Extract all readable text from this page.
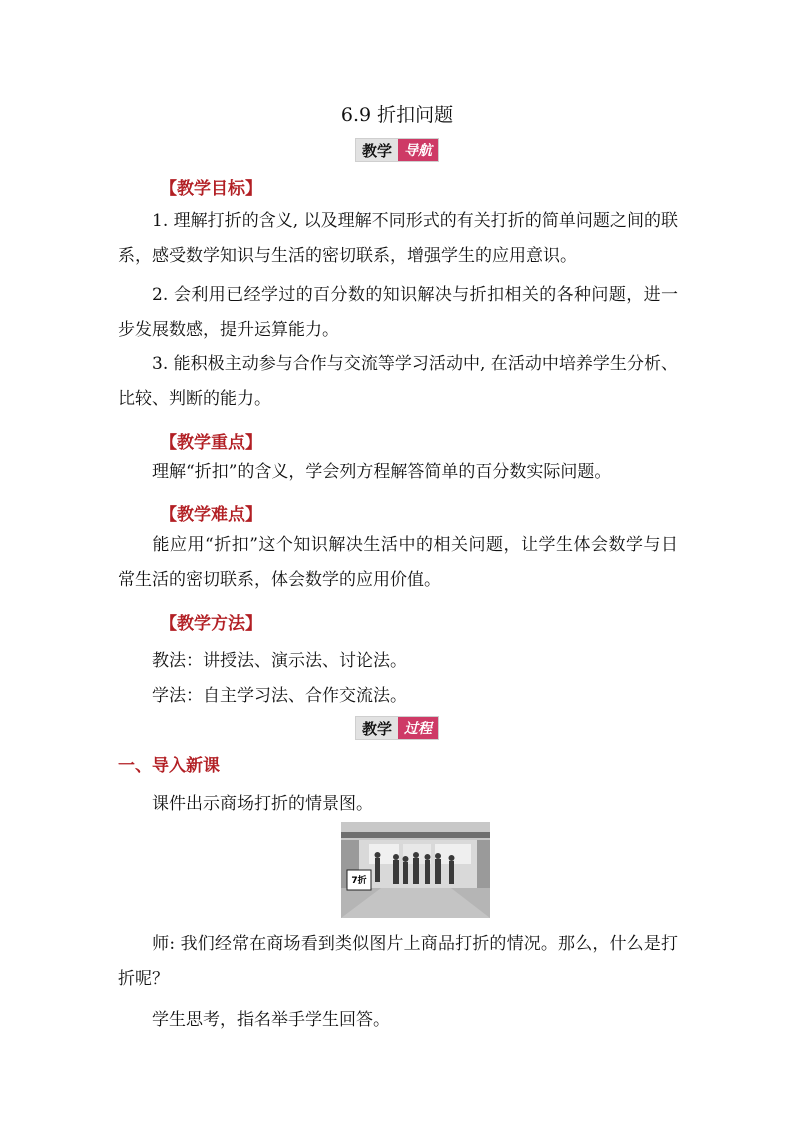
6.9 折扣问题
教学 导航
【教学目标】
1. 理解打折的含义, 以及理解不同形式的有关打折的简单问题之间的联系，感受数学知识与生活的密切联系，增强学生的应用意识。
2. 会利用已经学过的百分数的知识解决与折扣相关的各种问题，进一步发展数感，提升运算能力。
3. 能积极主动参与合作与交流等学习活动中, 在活动中培养学生分析、比较、判断的能力。
【教学重点】
理解“折扣”的含义，学会列方程解答简单的百分数实际问题。
【教学难点】
能应用“折扣”这个知识解决生活中的相关问题，让学生体会数学与日常生活的密切联系，体会数学的应用价值。
【教学方法】
教法：讲授法、演示法、讨论法。
学法：自主学习法、合作交流法。
教学 过程
一、导入新课
课件出示商场打折的情景图。
7折
师: 我们经常在商场看到类似图片上商品打折的情况。那么，什么是打折呢？
学生思考，指名举手学生回答。
